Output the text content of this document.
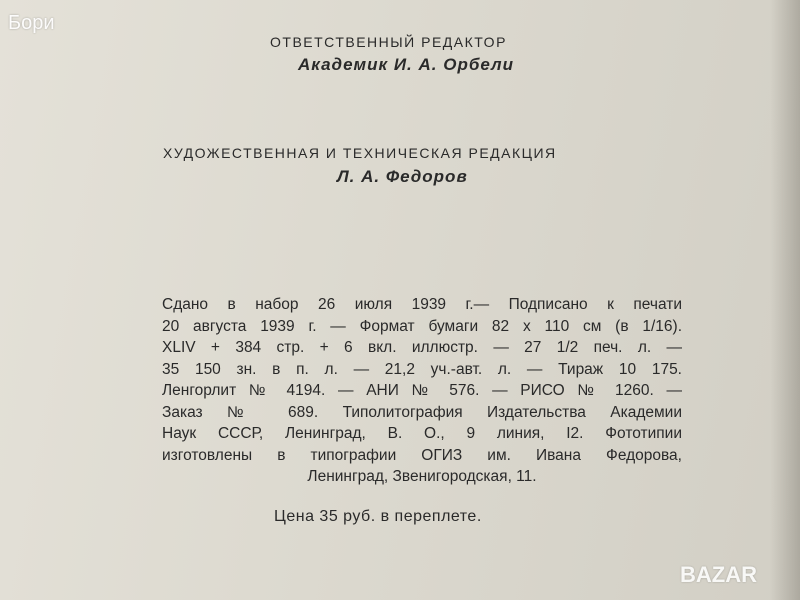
Бори
ОТВЕТСТВЕННЫЙ РЕДАКТОР
Академик И. А. Орбели
ХУДОЖЕСТВЕННАЯ И ТЕХНИЧЕСКАЯ РЕДАКЦИЯ
Л. А. Федоров
Сдано в набор 26 июля 1939 г.— Подписано к печати
20 августа 1939 г. — Формат бумаги 82 x 110 см (в 1/16).
XLIV + 384 стр. + 6 вкл. иллюстр. — 27 1/2 печ. л. —
35 150 зн. в п. л. — 21,2 уч.-авт. л. — Тираж 10 175.
Ленгорлит № 4194. — АНИ № 576. — РИСО № 1260. —
Заказ № 689. Типолитография Издательства Академии
Наук СССР, Ленинград, В. О., 9 линия, I2. Фототипии
изготовлены в типографии ОГИЗ им. Ивана Федорова,
Ленинград, Звенигородская, 11.
Цена 35 руб. в переплете.
BAZAR
